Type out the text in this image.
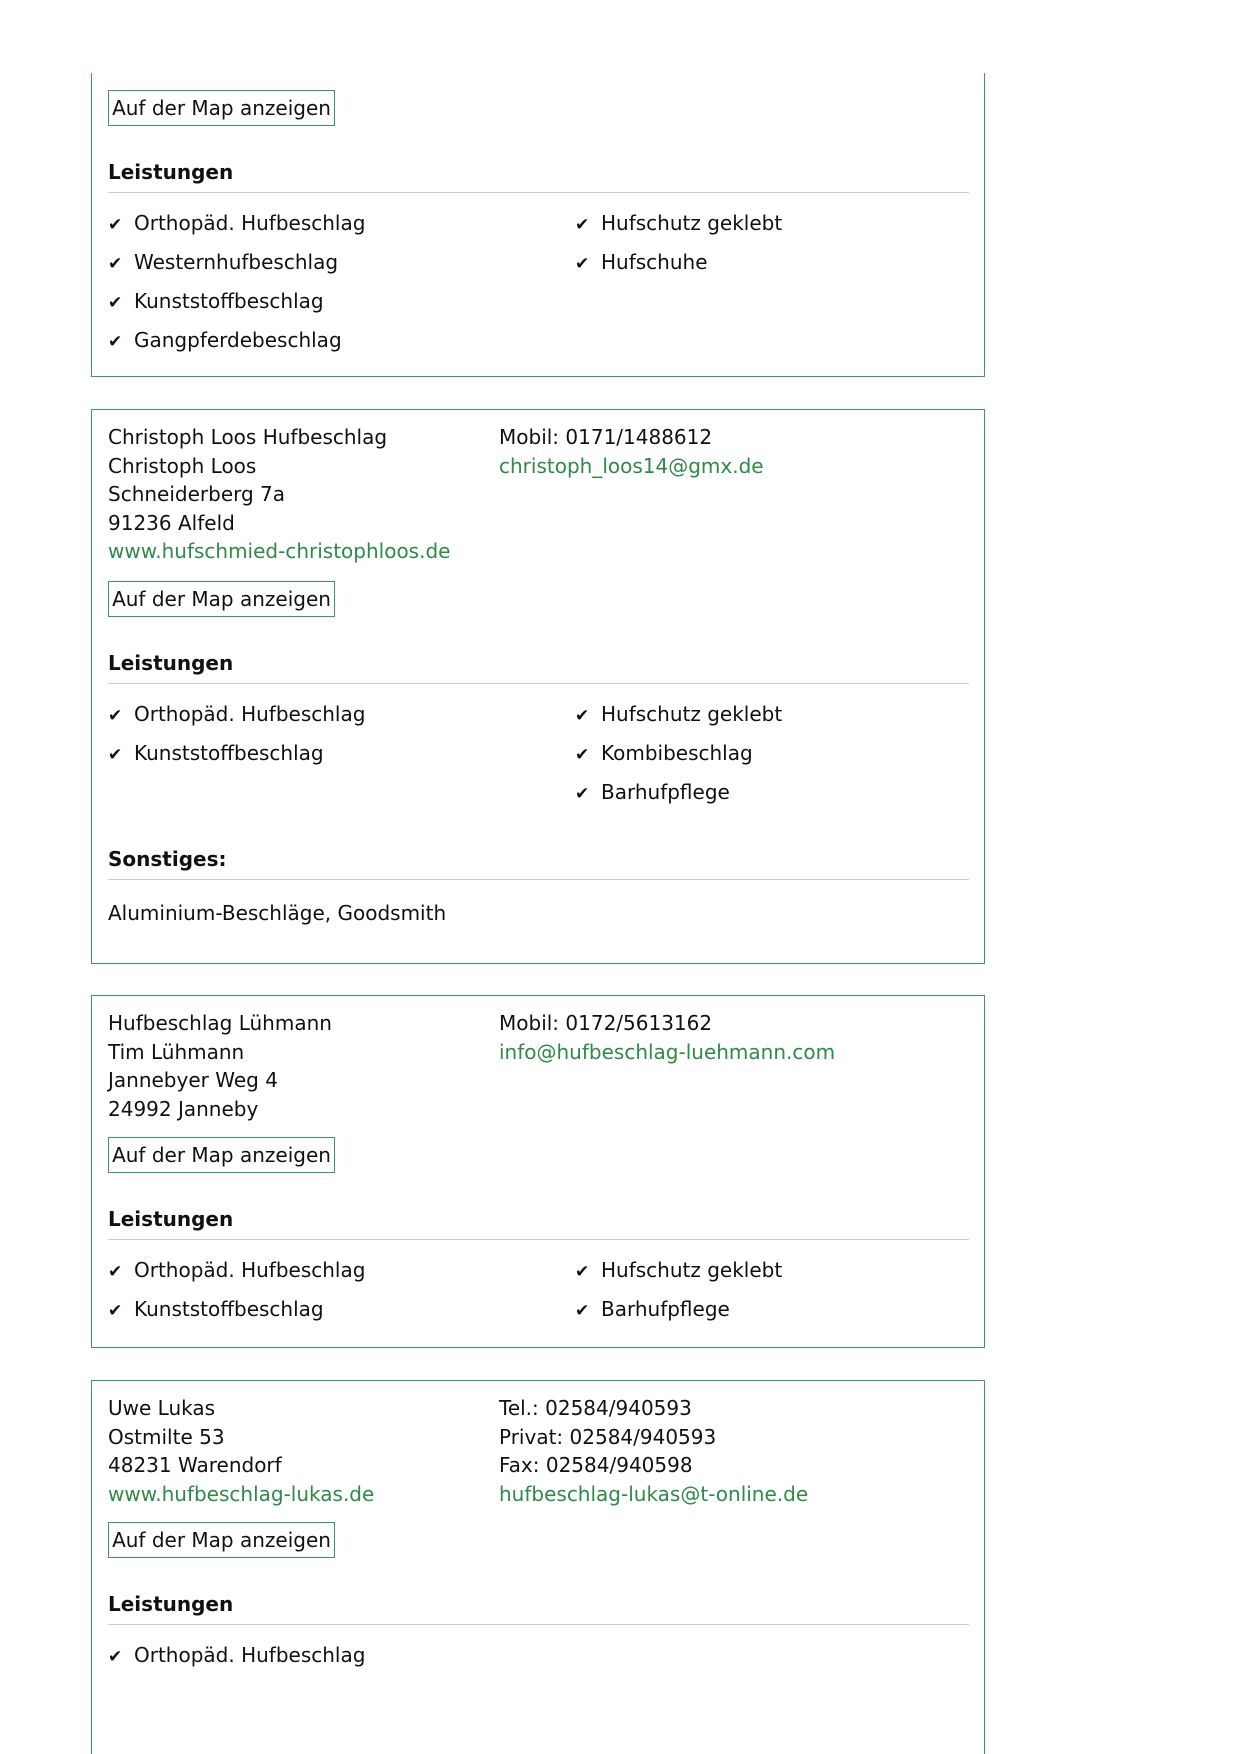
Auf der Map anzeigen
Leistungen
✔ Orthopäd. Hufbeschlag
✔ Westernhufbeschlag
✔ Kunststoffbeschlag
✔ Gangpferdebeschlag
✔ Hufschutz geklebt
✔ Hufschuhe
Christoph Loos Hufbeschlag
Christoph Loos
Schneiderberg 7a
91236 Alfeld
www.hufschmied-christophloos.de
Mobil: 0171/1488612
christoph_loos14@gmx.de
Auf der Map anzeigen
Leistungen
✔ Orthopäd. Hufbeschlag
✔ Kunststoffbeschlag
✔ Hufschutz geklebt
✔ Kombibeschlag
✔ Barhufpflege
Sonstiges:
Aluminium-Beschläge, Goodsmith
Hufbeschlag Lühmann
Tim Lühmann
Jannebyer Weg 4
24992 Janneby
Mobil: 0172/5613162
info@hufbeschlag-luehmann.com
Auf der Map anzeigen
Leistungen
✔ Orthopäd. Hufbeschlag
✔ Kunststoffbeschlag
✔ Hufschutz geklebt
✔ Barhufpflege
Uwe Lukas
Ostmilte 53
48231 Warendorf
www.hufbeschlag-lukas.de
Tel.: 02584/940593
Privat: 02584/940593
Fax: 02584/940598
hufbeschlag-lukas@t-online.de
Auf der Map anzeigen
Leistungen
✔ Orthopäd. Hufbeschlag
